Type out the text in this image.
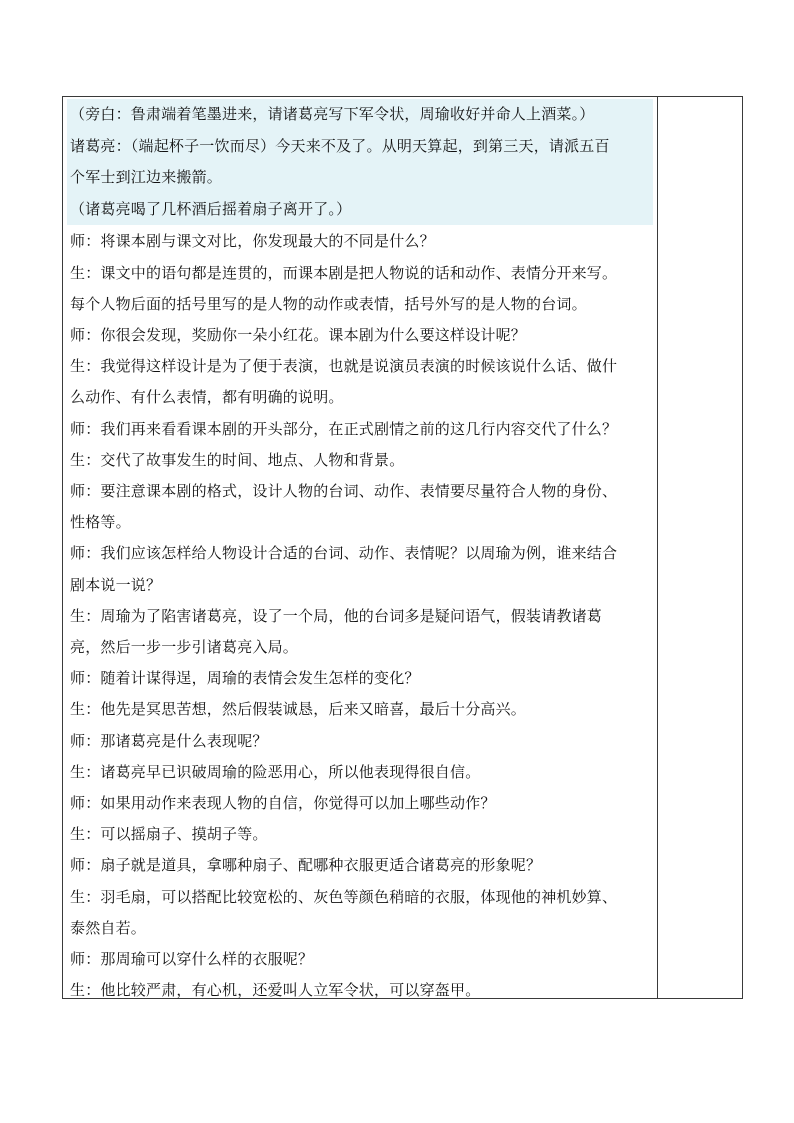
（旁白：鲁肃端着笔墨进来，请诸葛亮写下军令状，周瑜收好并命人上酒菜。）

诸葛亮：（端起杯子一饮而尽）今天来不及了。从明天算起，到第三天，请派五百

个军士到江边来搬箭。

（诸葛亮喝了几杯酒后摇着扇子离开了。）

师：将课本剧与课文对比，你发现最大的不同是什么？

生：课文中的语句都是连贯的，而课本剧是把人物说的话和动作、表情分开来写。

每个人物后面的括号里写的是人物的动作或表情，括号外写的是人物的台词。

师：你很会发现，奖励你一朵小红花。课本剧为什么要这样设计呢？

生：我觉得这样设计是为了便于表演，也就是说演员表演的时候该说什么话、做什

么动作、有什么表情，都有明确的说明。

师：我们再来看看课本剧的开头部分，在正式剧情之前的这几行内容交代了什么？

生：交代了故事发生的时间、地点、人物和背景。

师：要注意课本剧的格式，设计人物的台词、动作、表情要尽量符合人物的身份、

性格等。

师：我们应该怎样给人物设计合适的台词、动作、表情呢？以周瑜为例，谁来结合

剧本说一说？

生：周瑜为了陷害诸葛亮，设了一个局，他的台词多是疑问语气，假装请教诸葛

亮，然后一步一步引诸葛亮入局。

师：随着计谋得逞，周瑜的表情会发生怎样的变化？

生：他先是冥思苦想，然后假装诚恳，后来又暗喜，最后十分高兴。

师：那诸葛亮是什么表现呢？

生：诸葛亮早已识破周瑜的险恶用心，所以他表现得很自信。

师：如果用动作来表现人物的自信，你觉得可以加上哪些动作？

生：可以摇扇子、摸胡子等。

师：扇子就是道具，拿哪种扇子、配哪种衣服更适合诸葛亮的形象呢？

生：羽毛扇，可以搭配比较宽松的、灰色等颜色稍暗的衣服，体现他的神机妙算、

泰然自若。

师：那周瑜可以穿什么样的衣服呢？

生：他比较严肃，有心机，还爱叫人立军令状，可以穿盔甲。
